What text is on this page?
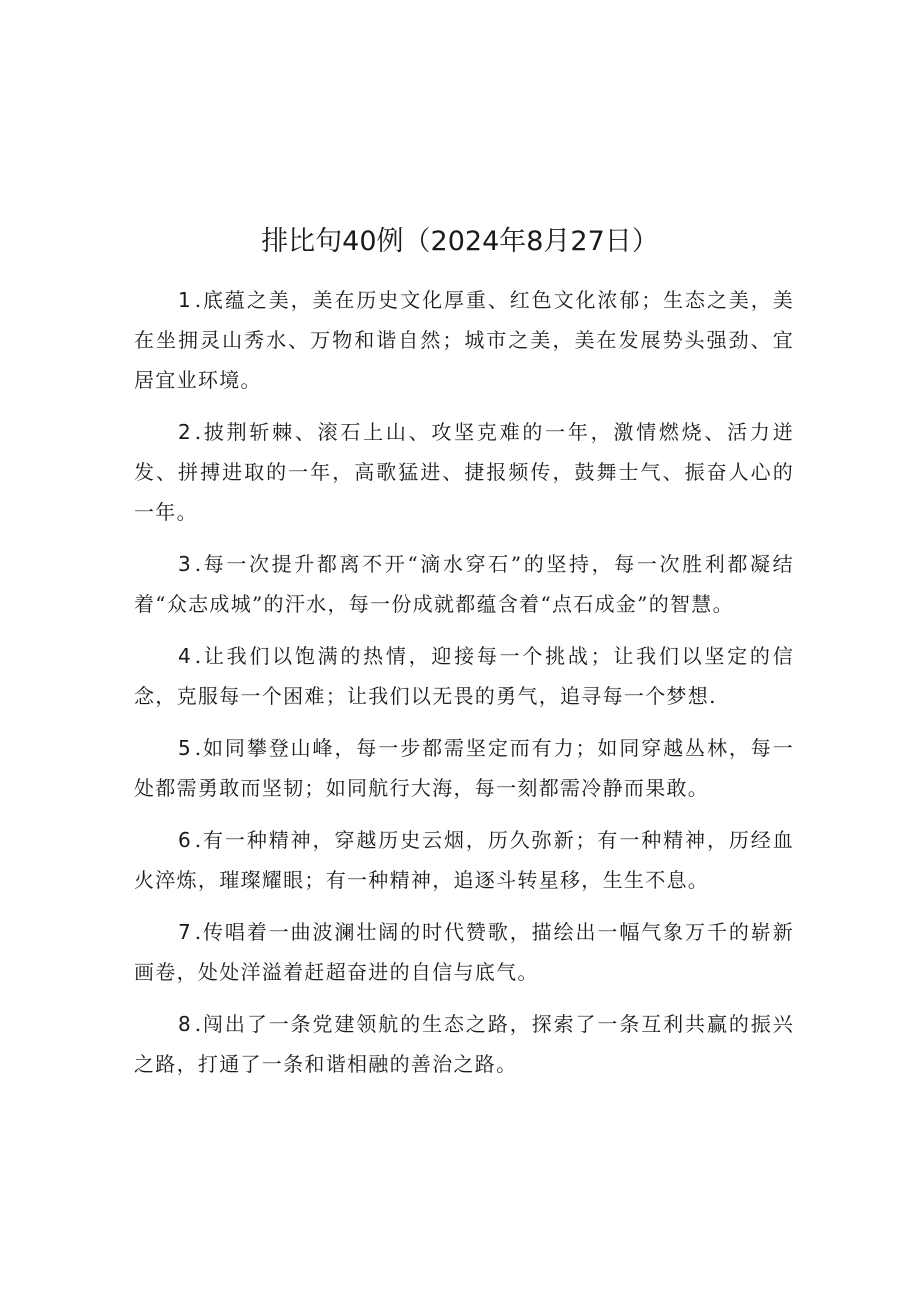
排比句40例（2024年8月27日）

1 .底蕴之美，美在历史文化厚重、红色文化浓郁；生态之美，美在坐拥灵山秀水、万物和谐自然；城市之美，美在发展势头强劲、宜居宜业环境。

2 .披荆斩棘、滚石上山、攻坚克难的一年，激情燃烧、活力迸发、拼搏进取的一年，高歌猛进、捷报频传，鼓舞士气、振奋人心的一年。

3 .每一次提升都离不开“滴水穿石”的坚持，每一次胜利都凝结着“众志成城”的汗水，每一份成就都蕴含着“点石成金”的智慧。

4 .让我们以饱满的热情，迎接每一个挑战；让我们以坚定的信念，克服每一个困难；让我们以无畏的勇气，追寻每一个梦想.

5 .如同攀登山峰，每一步都需坚定而有力；如同穿越丛林，每一处都需勇敢而坚韧；如同航行大海，每一刻都需冷静而果敢。

6 .有一种精神，穿越历史云烟，历久弥新；有一种精神，历经血火淬炼，璀璨耀眼；有一种精神，追逐斗转星移，生生不息。

7 .传唱着一曲波澜壮阔的时代赞歌，描绘出一幅气象万千的崭新画卷，处处洋溢着赶超奋进的自信与底气。

8 .闯出了一条党建领航的生态之路，探索了一条互利共赢的振兴之路，打通了一条和谐相融的善治之路。
